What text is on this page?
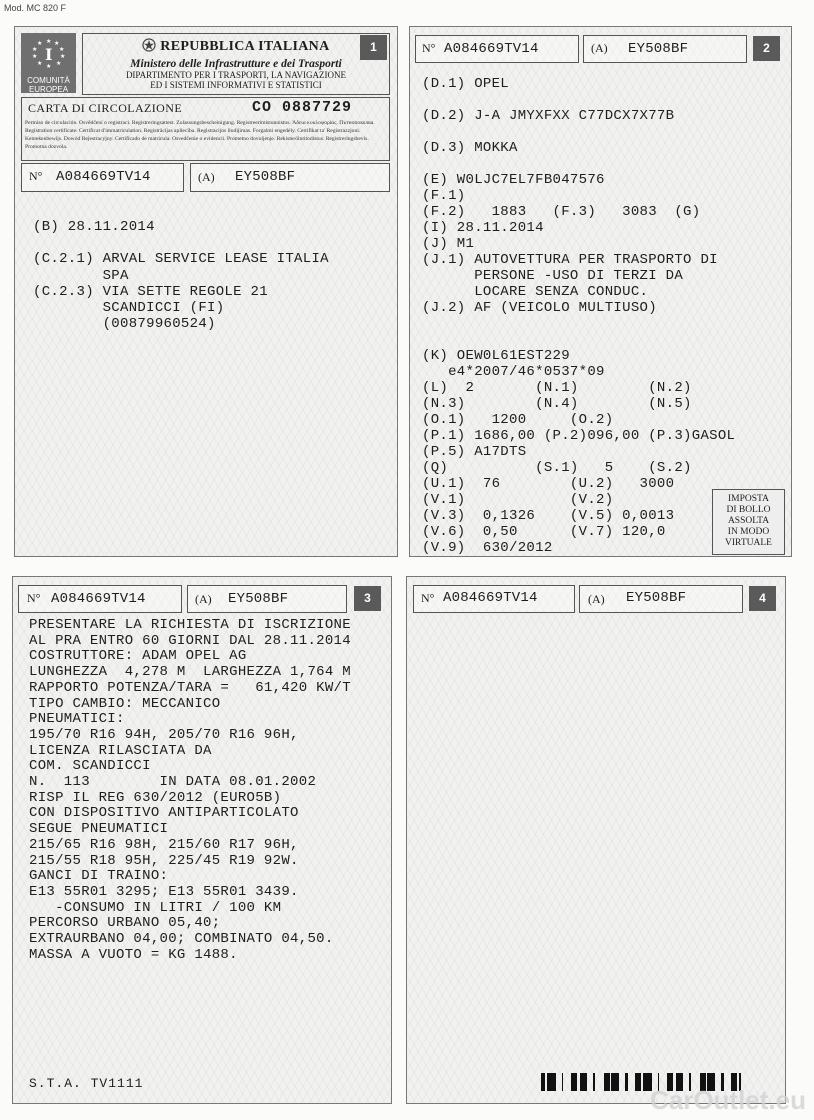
Mod. MC 820 F
★ ★
★
★
★
★
★
★
★
★
I
COMUNITÀ
EUROPEA
REPUBBLICA ITALIANA
Ministero delle Infrastrutture e dei Trasporti
DIPARTIMENTO PER I TRASPORTI, LA NAVIGAZIONE
ED I SISTEMI INFORMATIVI E STATISTICI
1
CARTA DI CIRCOLAZIONE	CO 0887729
Permiso de circulación. Osvědčení o registraci. Registreringsattest. Zulassungsbescheinigung. Registreerimistunnistus. Άδεια κυκλοφορίας. Пътнопоколва. Registration certificate. Certificat d'immatriculation. Registrācijas apliecība. Registracijos liudijimas. Forgalmi engedély. Certifikat ta' Registrazzjoni. Kentekenbewijs. Dowód Rejestracyjny. Certificado de matrícula. Osvedčenie o evidencii. Prometno dovoljenje. Rekisteröintitodistus. Registreringsbevis. Promotna dozvola.
N° A084669TV14	(A) EY508BF
(B) 28.11.2014
(C.2.1) ARVAL SERVICE LEASE ITALIA
SPA
(C.2.3) VIA SETTE REGOLE 21
SCANDICCI (FI)
(00879960524)
N° A084669TV14	(A) EY508BF	2
(D.1) OPEL
(D.2) J-A JMYXFXX C77DCX7X77B
(D.3) MOKKA
(E) W0LJC7EL7FB047576
(F.1)
(F.2)   1883   (F.3)   3083  (G)
(I) 28.11.2014
(J) M1
(J.1) AUTOVETTURA PER TRASPORTO DI
PERSONE -USO DI TERZI DA
LOCARE SENZA CONDUC.
(J.2) AF (VEICOLO MULTIUSO)
(K) OEW0L61EST229
e4*2007/46*0537*09
(L)  2       (N.1)        (N.2)
(N.3)        (N.4)        (N.5)
(O.1)   1200     (O.2)
(P.1) 1686,00 (P.2)096,00 (P.3)GASOL
(P.5) A17DTS
(Q)          (S.1)   5    (S.2)
(U.1)  76        (U.2)   3000
(V.1)            (V.2)
(V.3)  0,1326    (V.5) 0,0013
(V.6)  0,50      (V.7) 120,0
(V.9)  630/2012
IMPOSTA
DI BOLLO
ASSOLTA
IN MODO
VIRTUALE
N° A084669TV14	(A) EY508BF	3
PRESENTARE LA RICHIESTA DI ISCRIZIONE
AL PRA ENTRO 60 GIORNI DAL 28.11.2014
COSTRUTTORE: ADAM OPEL AG
LUNGHEZZA  4,278 M  LARGHEZZA 1,764 M
RAPPORTO POTENZA/TARA =   61,420 KW/T
TIPO CAMBIO: MECCANICO
PNEUMATICI:
195/70 R16 94H, 205/70 R16 96H,
LICENZA RILASCIATA DA
COM. SCANDICCI
N.  113        IN DATA 08.01.2002
RISP IL REG 630/2012 (EURO5B)
CON DISPOSITIVO ANTIPARTICOLATO
SEGUE PNEUMATICI
215/65 R16 98H, 215/60 R17 96H,
215/55 R18 95H, 225/45 R19 92W.
GANCI DI TRAINO:
E13 55R01 3295; E13 55R01 3439.
-CONSUMO IN LITRI / 100 KM
PERCORSO URBANO 05,40;
EXTRAURBANO 04,00; COMBINATO 04,50.
MASSA A VUOTO = KG 1488.
S.T.A. TV1111
N° A084669TV14	(A) EY508BF	4
CarOutlet.eu
